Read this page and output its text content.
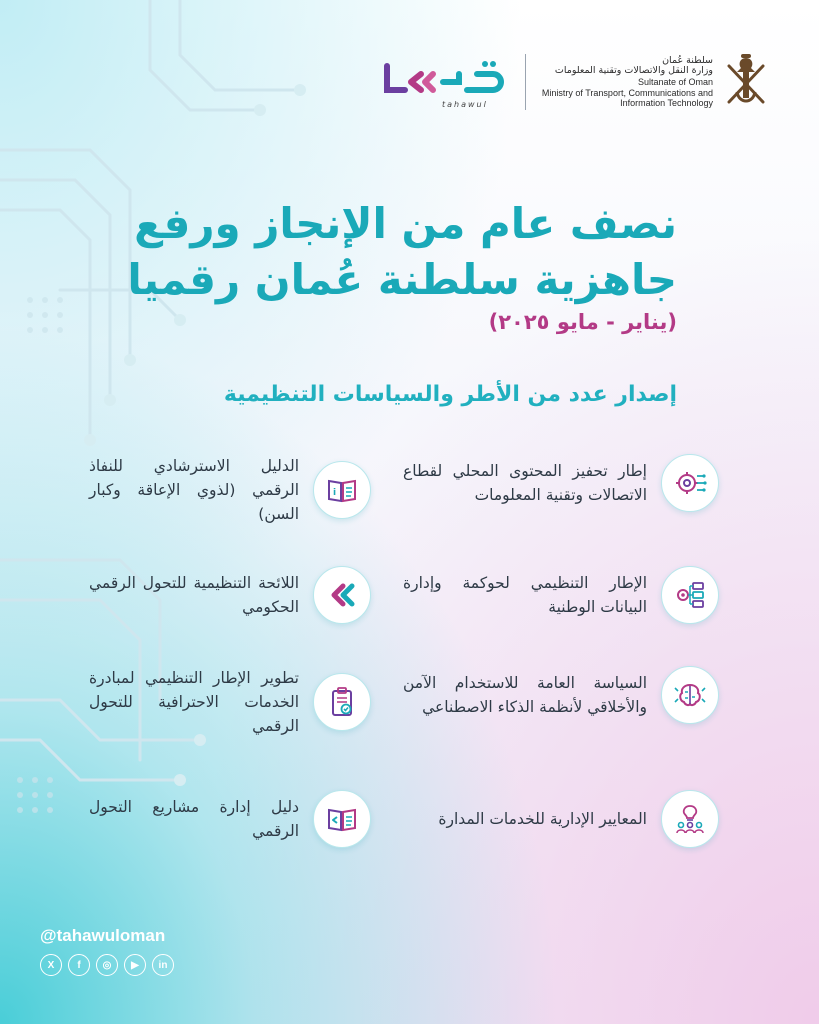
tahawul
سلطنة عُمان
وزارة النقل والاتصالات وتقنية المعلومات
Sultanate of Oman
Ministry of Transport, Communications and
Information Technology
نصف عام من الإنجاز ورفع
جاهزية سلطنة عُمان رقميا
(يناير - مايو ٢٠٢٥)
إصدار عدد من الأطر والسياسات التنظيمية
إطار تحفيز المحتوى المحلي لقطاع الاتصالات وتقنية المعلومات
i
الدليل الاسترشادي للنفاذ الرقمي (لذوي الإعاقة وكبار السن)
الإطار التنظيمي لحوكمة وإدارة البيانات الوطنية
اللائحة التنظيمية للتحول الرقمي الحكومي
السياسة العامة للاستخدام الآمن والأخلاقي لأنظمة الذكاء الاصطناعي
تطوير الإطار التنظيمي لمبادرة الخدمات الاحترافية للتحول الرقمي
المعايير الإدارية للخدمات المدارة
دليل إدارة مشاريع التحول الرقمي
@tahawuloman
X	f	◎	▶	in
